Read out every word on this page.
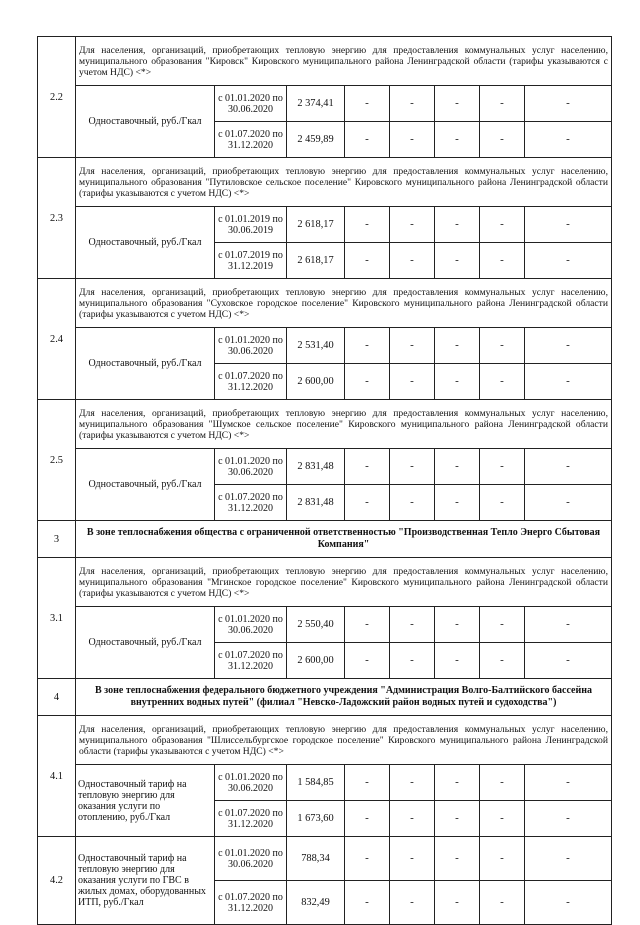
2.2	Для населения, организаций, приобретающих тепловую энергию для предоставления коммунальных услуг населению, муниципального образования "Кировск" Кировского муниципального района Ленинградской области (тарифы указываются с учетом НДС) <*>							
	Одноставочный, руб./Гкал	с 01.01.2020 по 30.06.2020	2 374,41	-	-	-	-	-
		с 01.07.2020 по 31.12.2020	2 459,89	-	-	-	-	-
2.3	Для населения, организаций, приобретающих тепловую энергию для предоставления коммунальных услуг населению, муниципального образования "Путиловское сельское поселение" Кировского муниципального района Ленинградской области (тарифы указываются с учетом НДС) <*>							
	Одноставочный, руб./Гкал	с 01.01.2019 по 30.06.2019	2 618,17	-	-	-	-	-
		с 01.07.2019 по 31.12.2019	2 618,17	-	-	-	-	-
2.4	Для населения, организаций, приобретающих тепловую энергию для предоставления коммунальных услуг населению, муниципального образования "Суховское городское поселение" Кировского муниципального района Ленинградской области (тарифы указываются с учетом НДС) <*>							
	Одноставочный, руб./Гкал	с 01.01.2020 по 30.06.2020	2 531,40	-	-	-	-	-
		с 01.07.2020 по 31.12.2020	2 600,00	-	-	-	-	-
2.5	Для населения, организаций, приобретающих тепловую энергию для предоставления коммунальных услуг населению, муниципального образования "Шумское сельское поселение" Кировского муниципального района Ленинградской области (тарифы указываются с учетом НДС) <*>							
	Одноставочный, руб./Гкал	с 01.01.2020 по 30.06.2020	2 831,48	-	-	-	-	-
		с 01.07.2020 по 31.12.2020	2 831,48	-	-	-	-	-
3	В зоне теплоснабжения общества с ограниченной ответственностью "Производственная Тепло Энерго Сбытовая Компания"							
3.1	Для населения, организаций, приобретающих тепловую энергию для предоставления коммунальных услуг населению, муниципального образования "Мгинское городское поселение" Кировского муниципального района Ленинградской области (тарифы указываются с учетом НДС) <*>							
	Одноставочный, руб./Гкал	с 01.01.2020 по 30.06.2020	2 550,40	-	-	-	-	-
		с 01.07.2020 по 31.12.2020	2 600,00	-	-	-	-	-
4	В зоне теплоснабжения федерального бюджетного учреждения "Администрация Волго-Балтийского бассейна внутренних водных путей" (филиал "Невско-Ладожский район водных путей и судоходства")							
4.1	Для населения, организаций, приобретающих тепловую энергию для предоставления коммунальных услуг населению, муниципального образования "Шлиссельбургское городское поселение" Кировского муниципального района Ленинградской области (тарифы указываются с учетом НДС) <*>							
	Одноставочный тариф на тепловую энергию для оказания услуги по отоплению, руб./Гкал	с 01.01.2020 по 30.06.2020	1 584,85	-	-	-	-	-
		с 01.07.2020 по 31.12.2020	1 673,60	-	-	-	-	-
4.2	Одноставочный тариф на тепловую энергию для оказания услуги по ГВС в жилых домах, оборудованных ИТП, руб./Гкал	с 01.01.2020 по 30.06.2020	788,34	-	-	-	-	-
		с 01.07.2020 по 31.12.2020	832,49	-	-	-	-	-
